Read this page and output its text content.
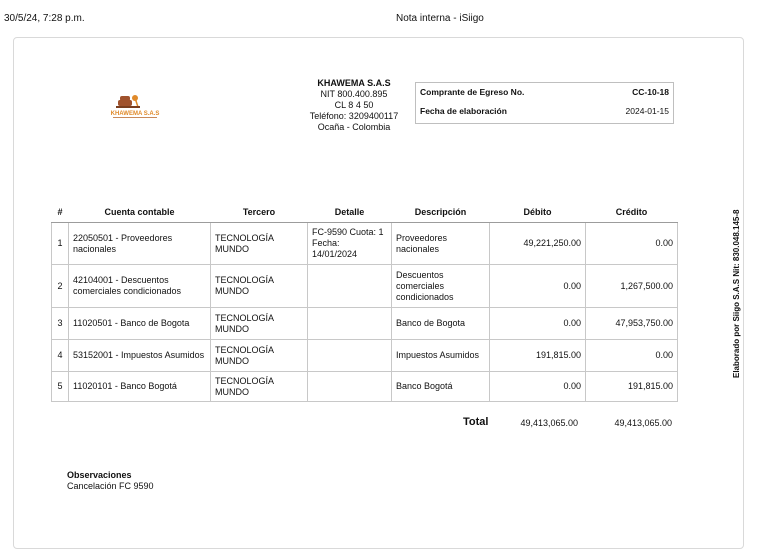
30/5/24, 7:28 p.m.	Nota interna - iSiigo
KHAWEMA S.A.S
KHAWEMA S.A.S
NIT 800.400.895
CL 8 4 50
Teléfono: 3209400117
Ocaña - Colombia
Comprante de Egreso No.	CC-10-18
Fecha de elaboración	2024-01-15
#	Cuenta contable	Tercero	Detalle	Descripción	Débito	Crédito
1	22050501 - Proveedores nacionales	TECNOLOGÍA MUNDO	FC-9590 Cuota: 1 Fecha: 14/01/2024	Proveedores nacionales	49,221,250.00	0.00
2	42104001 - Descuentos comerciales condicionados	TECNOLOGÍA MUNDO		Descuentos comerciales condicionados	0.00	1,267,500.00
3	11020501 - Banco de Bogota	TECNOLOGÍA MUNDO		Banco de Bogota	0.00	47,953,750.00
4	53152001 - Impuestos Asumidos	TECNOLOGÍA MUNDO		Impuestos Asumidos	191,815.00	0.00
5	11020101 - Banco Bogotá	TECNOLOGÍA MUNDO		Banco Bogotá	0.00	191,815.00
Total	49,413,065.00	49,413,065.00
Observaciones
Cancelación FC 9590
Elaborado por Siigo S.A.S Nit: 830.048.145-8
